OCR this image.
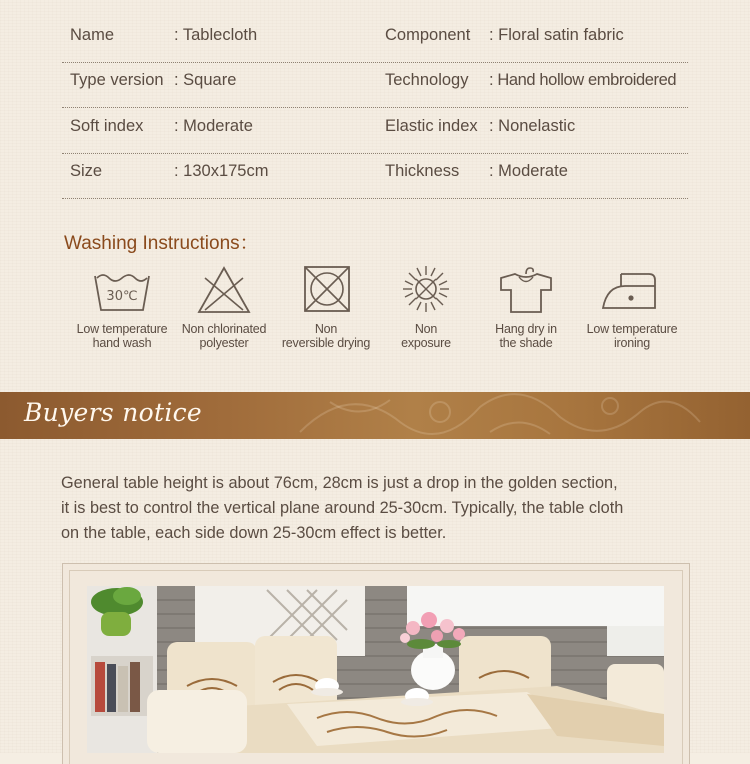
Name	: Tablecloth	Component : Floral satin fabric
Type version : Square	Technology : Hand hollow embroidered
Soft index : Moderate	Elastic index : Nonelastic
Size	: 130x175cm	Thickness : Moderate
Washing Instructions：
30℃
Low temperature
hand wash
Non chlorinated
polyester
Non
reversible drying
Non
exposure
Hang dry in
the shade
Low temperature
ironing
Buyers notice

General table height is about 76cm, 28cm is just a drop in the golden section,

it is best to control the vertical plane around 25-30cm. Typically, the table cloth

on the table, each side down 25-30cm effect is better.
